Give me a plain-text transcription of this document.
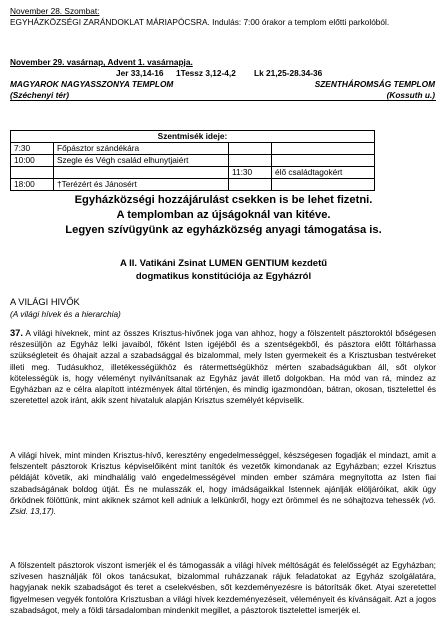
November 28. Szombat:
EGYHÁZKÖZSÉGI ZARÁNDOKLAT MÁRIAPÓCSRA. Indulás: 7:00 órakor a templom előtti parkolóból.
November 29. vasárnap, Advent 1. vasárnapja.
Jer 33,14-16 1Tessz 3,12-4,2 Lk 21,25-28.34-36
MAGYAROK NAGYASSZONYA TEMPLOM
(Széchenyi tér)
SZENTHÁROMSÁG TEMPLOM
(Kossuth u.)
Szentmisék ideje:			
7:30	Főpásztor szándékára		
10:00	Szegle és Végh család elhunytjaiért		
		11:30	élő családtagokért
18:00	†Terézért és Jánosért		
Egyházközségi hozzájárulást csekken is be lehet fizetni.
A templomban az újságoknál van kitéve.
Legyen szívügyünk az egyházközség anyagi támogatása is.
A II. Vatikáni Zsinat LUMEN GENTIUM kezdetű
dogmatikus konstitúciója az Egyházról
A VILÁGI HIVŐK
(A világi hívek és a hierarchia)
37. A világi híveknek, mint az összes Krisztus-hívőnek joga van ahhoz, hogy a fölszentelt pásztoroktól bőségesen részesüljön az Egyház lelki javaiból, főként Isten igéjéből és a szentségekből, és pásztora előtt föltárhassa szükségleteit és óhajait azzal a szabadsággal és bizalommal, mely Isten gyermekeit és a Krisztusban testvéreket illeti meg. Tudásukhoz, illetékességükhöz és rátermettségükhöz mérten szabadságukban áll, sőt olykor kötelességük is, hogy véleményt nyilvánítsanak az Egyház javát illető dolgokban. Ha mód van rá, mindez az Egyházban az e célra alapított intézmények által történjen, és mindig igazmondóan, bátran, okosan, tisztelettel és szeretettel azok iránt, akik szent hivataluk alapján Krisztus személyét képviselik.
A világi hívek, mint minden Krisztus-hívő, keresztény engedelmességgel, készségesen fogadják el mindazt, amit a felszentelt pásztorok Krisztus képviselőiként mint tanítók és vezetők kimondanak az Egyházban; ezzel Krisztus példáját követik, aki mindhalálig való engedelmességével minden ember számára megnyitotta az Isten fiai szabadságának boldog útját. És ne mulasszák el, hogy imádságaikkal Istennek ajánlják elöljáróikat, akik úgy őrködnek fölöttünk, mint akiknek számot kell adniuk a lelkünkről, hogy ezt örömmel és ne sóhajtozva tehessék (vö. Zsid. 13,17).
A fölszentelt pásztorok viszont ismerjék el és támogassák a világi hívek méltóságát és felelősségét az Egyházban; szívesen használják föl okos tanácsukat, bizalommal ruházzanak rájuk feladatokat az Egyház szolgálatára, hagyjanak nekik szabadságot és teret a cselekvésben, sőt kezdeményezésre is bátorítsák őket. Atyai szeretettel figyelmesen vegyék fontolóra Krisztusban a világi hívek kezdeményezéseit, véleményeit és kívánságait. Azt a jogos szabadságot, mely a földi társadalomban mindenkit megillet, a pásztorok tisztelettel ismerjék el.
